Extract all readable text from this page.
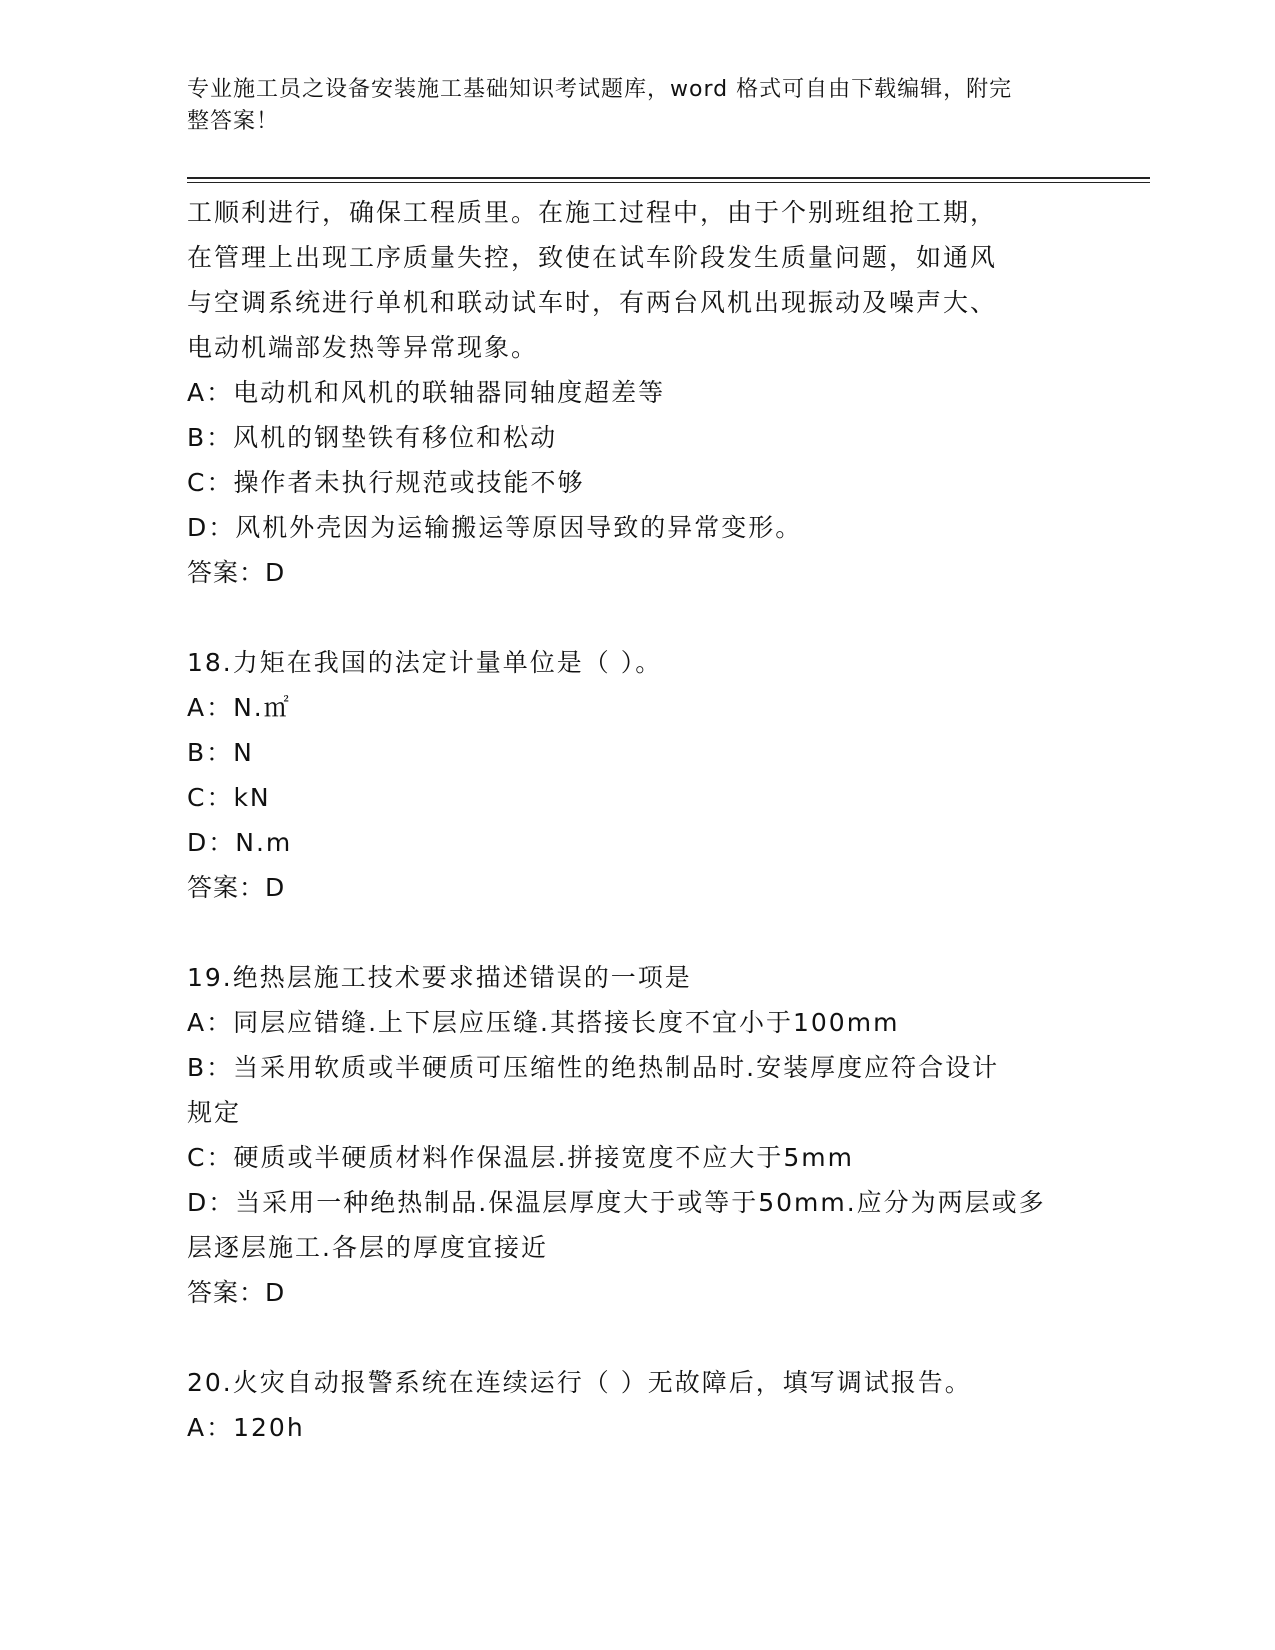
专业施工员之设备安装施工基础知识考试题库，word 格式可自由下载编辑，附完
整答案！
工顺利进行，确保工程质里。在施工过程中，由于个别班组抢工期，
在管理上出现工序质量失控，致使在试车阶段发生质量问题，如通风
与空调系统进行单机和联动试车时，有两台风机出现振动及噪声大、
电动机端部发热等异常现象。
A：电动机和风机的联轴器同轴度超差等
B：风机的钢垫铁有移位和松动
C：操作者未执行规范或技能不够
D：风机外壳因为运输搬运等原因导致的异常变形。
答案：D
18.力矩在我国的法定计量单位是（ ）。
A：N.㎡
B：N
C：kN
D：N.m
答案：D
19.绝热层施工技术要求描述错误的一项是
A：同层应错缝.上下层应压缝.其搭接长度不宜小于100mm
B：当采用软质或半硬质可压缩性的绝热制品时.安装厚度应符合设计
规定
C：硬质或半硬质材料作保温层.拼接宽度不应大于5mm
D：当采用一种绝热制品.保温层厚度大于或等于50mm.应分为两层或多
层逐层施工.各层的厚度宜接近
答案：D
20.火灾自动报警系统在连续运行（ ）无故障后，填写调试报告。
A：120h
